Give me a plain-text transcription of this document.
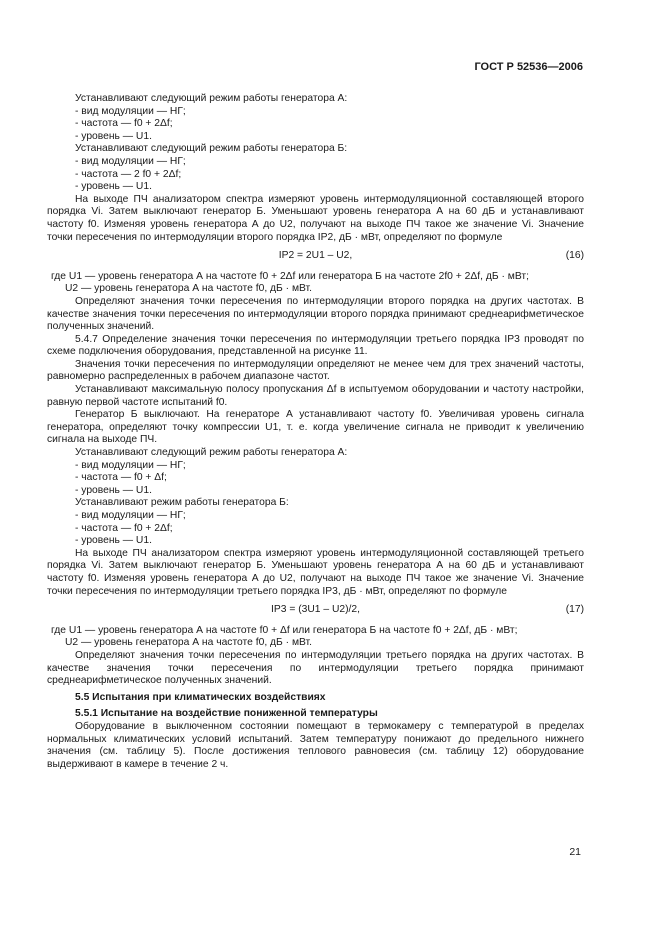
ГОСТ Р 52536—2006

Устанавливают следующий режим работы генератора А:

- вид модуляции — НГ;

- частота — f0 + 2Δf;

- уровень — U1.

Устанавливают следующий режим работы генератора Б:

- вид модуляции — НГ;

- частота — 2 f0 + 2Δf;

- уровень — U1.

На выходе ПЧ анализатором спектра измеряют уровень интермодуляционной составляющей второго порядка Vi. Затем выключают генератор Б. Уменьшают уровень генератора А на 60 дБ и устанавливают частоту f0. Изменяя уровень генератора А до U2, получают на выходе ПЧ такое же значение Vi. Значение точки пересечения по интермодуляции второго порядка IP2, дБ · мВт, определяют по формуле

IP2 = 2U1 – U2,	(16)

где U1 — уровень генератора А на частоте f0 + 2Δf или генератора Б на частоте 2f0 + 2Δf, дБ · мВт;

U2 — уровень генератора А на частоте f0, дБ · мВт.

Определяют значения точки пересечения по интермодуляции второго порядка на других частотах. В качестве значения точки пересечения по интермодуляции второго порядка принимают среднеарифметическое полученных значений.

5.4.7 Определение значения точки пересечения по интермодуляции третьего порядка IP3 проводят по схеме подключения оборудования, представленной на рисунке 11.

Значения точки пересечения по интермодуляции определяют не менее чем для трех значений частоты, равномерно распределенных в рабочем диапазоне частот.

Устанавливают максимальную полосу пропускания Δf в испытуемом оборудовании и частоту настройки, равную первой частоте испытаний f0.

Генератор Б выключают. На генераторе А устанавливают частоту f0. Увеличивая уровень сигнала генератора, определяют точку компрессии U1, т. е. когда увеличение сигнала не приводит к увеличению сигнала на выходе ПЧ.

Устанавливают следующий режим работы генератора А:

- вид модуляции — НГ;

- частота — f0 + Δf;

- уровень — U1.

Устанавливают режим работы генератора Б:

- вид модуляции — НГ;

- частота — f0 + 2Δf;

- уровень — U1.

На выходе ПЧ анализатором спектра измеряют уровень интермодуляционной составляющей третьего порядка Vi. Затем выключают генератор Б. Уменьшают уровень генератора А на 60 дБ и устанавливают частоту f0. Изменяя уровень генератора А до U2, получают на выходе ПЧ такое же значение Vi. Значение точки пересечения по интермодуляции третьего порядка IP3, дБ · мВт, определяют по формуле

IP3 = (3U1 – U2)/2,	(17)

где U1 — уровень генератора А на частоте f0 + Δf или генератора Б на частоте f0 + 2Δf, дБ · мВт;

U2 — уровень генератора А на частоте f0, дБ · мВт.

Определяют значения точки пересечения по интермодуляции третьего порядка на других частотах. В качестве значения точки пересечения по интермодуляции третьего порядка принимают среднеарифметическое полученных значений.

5.5 Испытания при климатических воздействиях

5.5.1 Испытание на воздействие пониженной температуры

Оборудование в выключенном состоянии помещают в термокамеру с температурой в пределах нормальных климатических условий испытаний. Затем температуру понижают до предельного нижнего значения (см. таблицу 5). После достижения теплового равновесия (см. таблицу 12) оборудование выдерживают в камере в течение 2 ч.

21
